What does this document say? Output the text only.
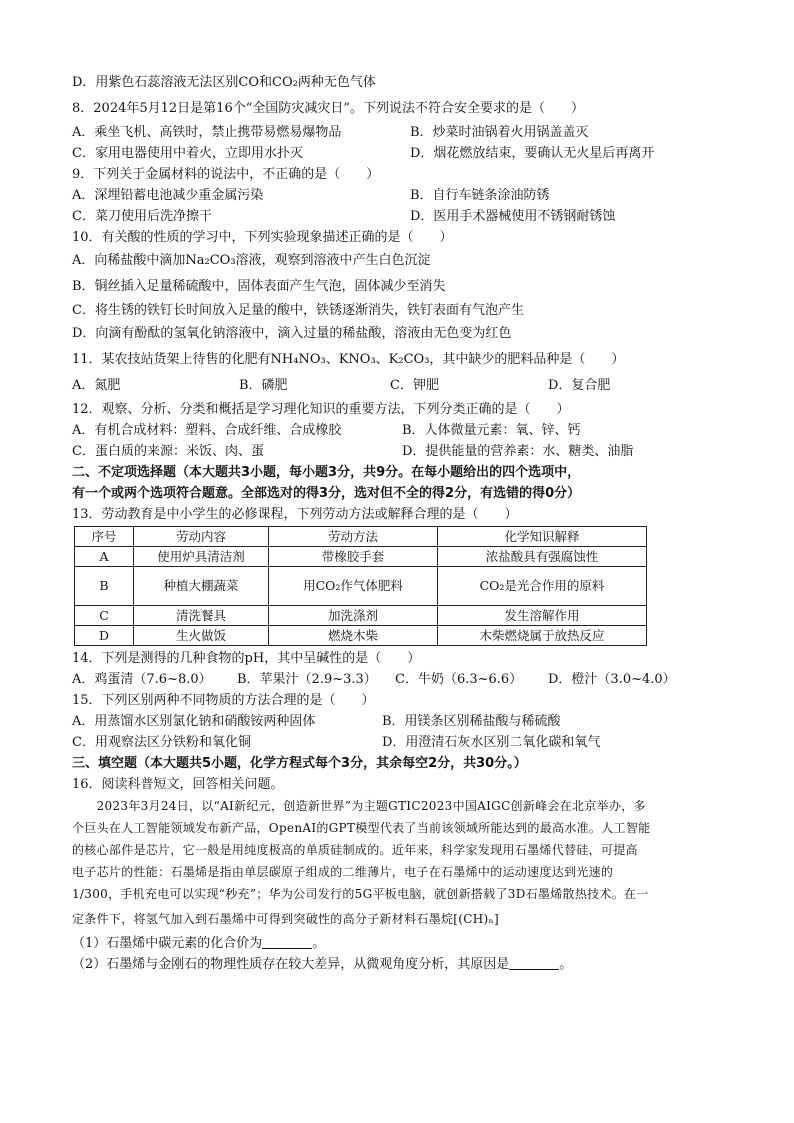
D．用紫色石蕊溶液无法区别CO和CO₂两种无色气体
8．2024年5月12日是第16个“全国防灾减灾日”。下列说法不符合安全要求的是（　　）
A．乘坐飞机、高铁时，禁止携带易燃易爆物品	B．炒菜时油锅着火用锅盖盖灭
C．家用电器使用中着火，立即用水扑灭	D．烟花燃放结束，要确认无火星后再离开
9．下列关于金属材料的说法中，不正确的是（　　）
A．深埋铅蓄电池减少重金属污染	B．自行车链条涂油防锈
C．菜刀使用后洗净擦干	D．医用手术器械使用不锈钢耐锈蚀
10．有关酸的性质的学习中，下列实验现象描述正确的是（　　）
A．向稀盐酸中滴加Na₂CO₃溶液，观察到溶液中产生白色沉淀
B．铜丝插入足量稀硫酸中，固体表面产生气泡，固体减少至消失
C．将生锈的铁钉长时间放入足量的酸中，铁锈逐渐消失，铁钉表面有气泡产生
D．向滴有酚酞的氢氧化钠溶液中，滴入过量的稀盐酸，溶液由无色变为红色
11．某农技站货架上待售的化肥有NH₄NO₃、KNO₃、K₂CO₃，其中缺少的肥料品种是（　　）
A．氮肥	B．磷肥	C．钾肥	D．复合肥
12．观察、分析、分类和概括是学习理化知识的重要方法，下列分类正确的是（　　）
A．有机合成材料：塑料、合成纤维、合成橡胶	B．人体微量元素：氧、锌、钙
C．蛋白质的来源：米饭、肉、蛋	D．提供能量的营养素：水、糖类、油脂
二、不定项选择题（本大题共3小题，每小题3分，共9分。在每小题给出的四个选项中，
有一个或两个选项符合题意。全部选对的得3分，选对但不全的得2分，有选错的得0分）
13．劳动教育是中小学生的必修课程，下列劳动方法或解释合理的是（　　）
序号	劳动内容	劳动方法	化学知识解释
A	使用炉具清洁剂	带橡胶手套	浓盐酸具有强腐蚀性
B	种植大棚蔬菜	用CO₂作气体肥料	CO₂是光合作用的原料
C	清洗餐具	加洗涤剂	发生溶解作用
D	生火做饭	燃烧木柴	木柴燃烧属于放热反应
14．下列是测得的几种食物的pH，其中呈碱性的是（　　）
A．鸡蛋清（7.6~8.0） B．苹果汁（2.9~3.3） C．牛奶（6.3~6.6） D．橙汁（3.0~4.0）
15．下列区别两种不同物质的方法合理的是（　　）
A．用蒸馏水区别氯化钠和硝酸铵两种固体	B．用镁条区别稀盐酸与稀硫酸
C．用观察法区分铁粉和氧化铜	D．用澄清石灰水区别二氧化碳和氧气
三、填空题（本大题共5小题，化学方程式每个3分，其余每空2分，共30分。）
16．阅读科普短文，回答相关问题。
　　2023年3月24日，以“AI新纪元，创造新世界”为主题GTIC2023中国AIGC创新峰会在北京举办，多
个巨头在人工智能领域发布新产品，OpenAI的GPT模型代表了当前该领域所能达到的最高水准。人工智能
的核心部件是芯片，它一般是用纯度极高的单质硅制成的。近年来，科学家发现用石墨烯代替硅，可提高
电子芯片的性能：石墨烯是指由单层碳原子组成的二维薄片，电子在石墨烯中的运动速度达到光速的
1/300，手机充电可以实现“秒充”；华为公司发行的5G平板电脑，就创新搭载了3D石墨烯散热技术。在一
定条件下，将氢气加入到石墨烯中可得到突破性的高分子新材料石墨烷[(CH)ₙ]
（1）石墨烯中碳元素的化合价为	。
（2）石墨烯与金刚石的物理性质存在较大差异，从微观角度分析，其原因是	。
